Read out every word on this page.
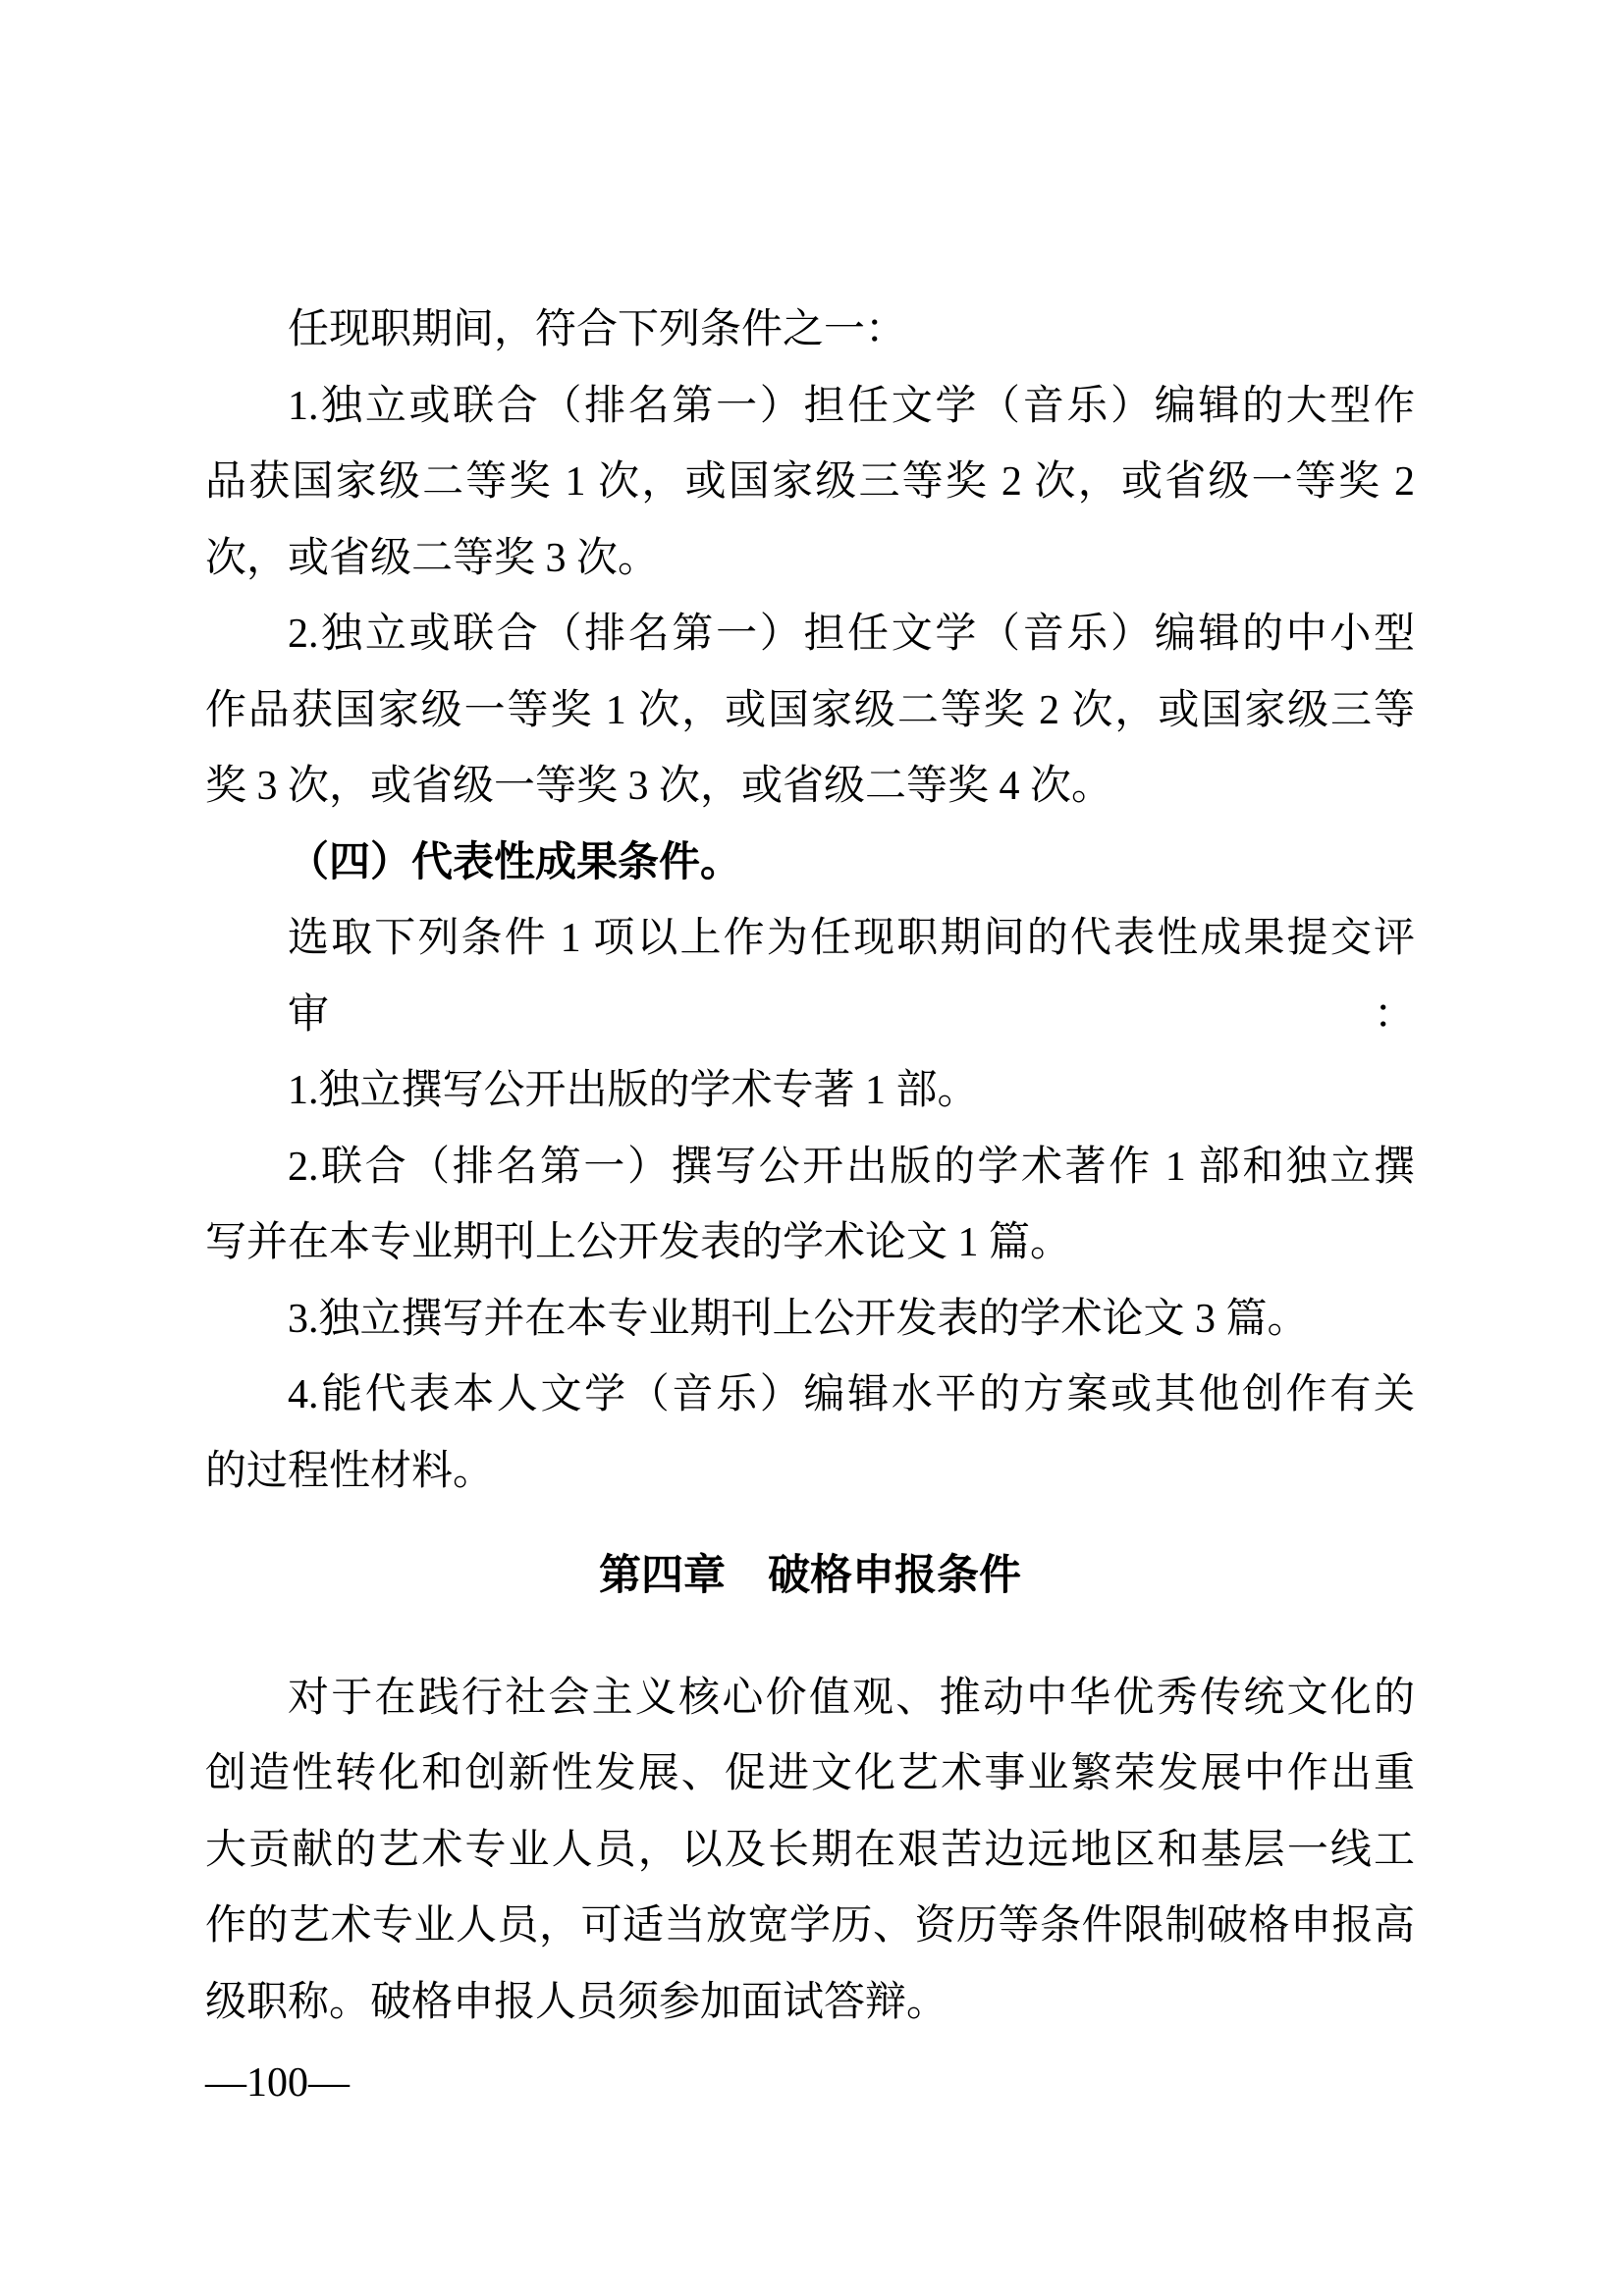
任现职期间，符合下列条件之一：
1.独立或联合（排名第一）担任文学（音乐）编辑的大型作
品获国家级二等奖 1 次，或国家级三等奖 2 次，或省级一等奖 2
次，或省级二等奖 3 次。
2.独立或联合（排名第一）担任文学（音乐）编辑的中小型
作品获国家级一等奖 1 次，或国家级二等奖 2 次，或国家级三等
奖 3 次，或省级一等奖 3 次，或省级二等奖 4 次。
（四）代表性成果条件。
选取下列条件 1 项以上作为任现职期间的代表性成果提交评审：
1.独立撰写公开出版的学术专著 1 部。
2.联合（排名第一）撰写公开出版的学术著作 1 部和独立撰
写并在本专业期刊上公开发表的学术论文 1 篇。
3.独立撰写并在本专业期刊上公开发表的学术论文 3 篇。
4.能代表本人文学（音乐）编辑水平的方案或其他创作有关
的过程性材料。
第四章　破格申报条件
对于在践行社会主义核心价值观、推动中华优秀传统文化的
创造性转化和创新性发展、促进文化艺术事业繁荣发展中作出重
大贡献的艺术专业人员，以及长期在艰苦边远地区和基层一线工
作的艺术专业人员，可适当放宽学历、资历等条件限制破格申报高
级职称。破格申报人员须参加面试答辩。
—100—
